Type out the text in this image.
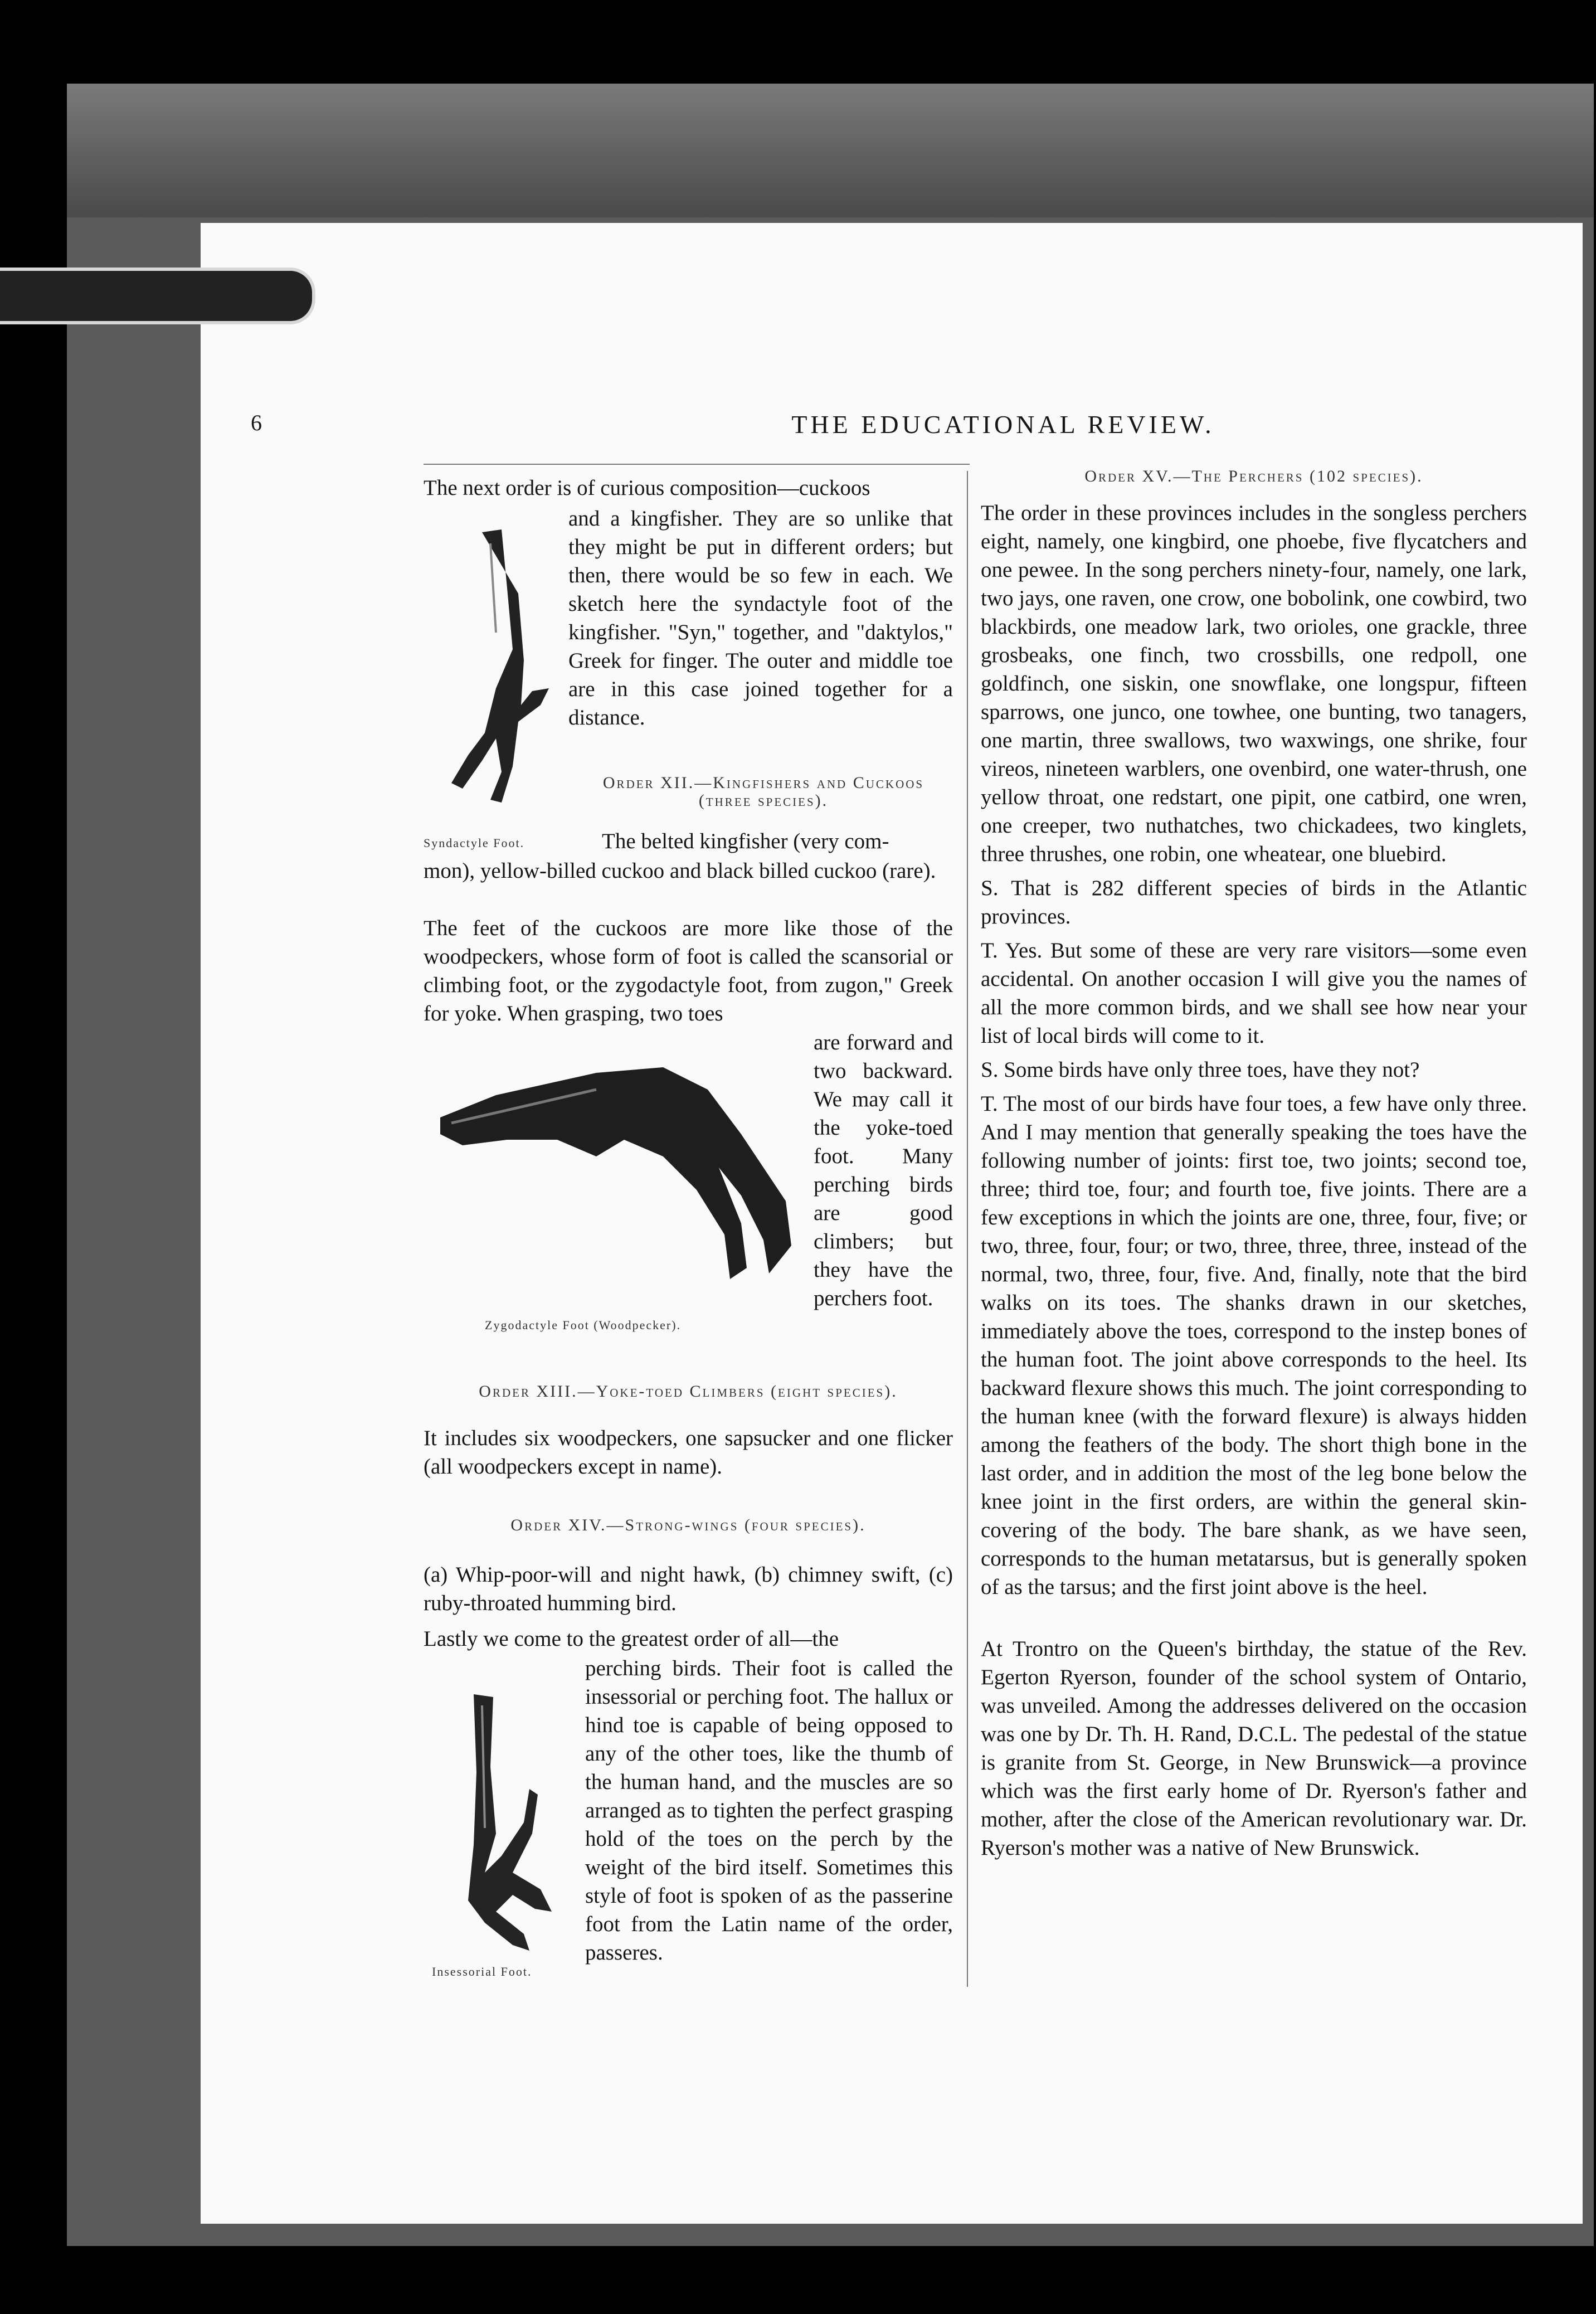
6	THE EDUCATIONAL REVIEW.
The next order is of curious composition—cuckoos
and a kingfisher. They are so unlike that they might be put in different orders; but then, there would be so few in each. We sketch here the syndactyle foot of the kingfisher. "Syn," together, and "daktylos," Greek for finger. The outer and middle toe are in this case joined together for a distance.
Order XII.—Kingfishers and Cuckoos
(three species).
Syndactyle Foot.	The belted kingfisher (very com-
mon), yellow-billed cuckoo and black billed cuckoo (rare).
The feet of the cuckoos are more like those of the woodpeckers, whose form of foot is called the scansorial or climbing foot, or the zygodactyle foot, from zugon," Greek for yoke. When grasping, two toes
are forward and two backward. We may call it the yoke-toed foot. Many perching birds are good climbers; but they have the perchers foot.
Zygodactyle Foot (Woodpecker).
Order XIII.—Yoke-toed Climbers (eight species).
It includes six woodpeckers, one sapsucker and one flicker (all woodpeckers except in name).
Order XIV.—Strong-wings (four species).
(a) Whip-poor-will and night hawk, (b) chimney swift, (c) ruby-throated humming bird.
Lastly we come to the greatest order of all—the
perching birds. Their foot is called the insessorial or perching foot. The hallux or hind toe is capable of being opposed to any of the other toes, like the thumb of the human hand, and the muscles are so arranged as to tighten the perfect grasping hold of the toes on the perch by the weight of the bird itself. Sometimes this style of foot is spoken of as the passerine foot from the Latin name of the order, passeres.
Insessorial Foot.
Order XV.—The Perchers (102 species).

The order in these provinces includes in the songless perchers eight, namely, one kingbird, one phoebe, five flycatchers and one pewee. In the song perchers ninety-four, namely, one lark, two jays, one raven, one crow, one bobolink, one cowbird, two blackbirds, one meadow lark, two orioles, one grackle, three grosbeaks, one finch, two crossbills, one redpoll, one goldfinch, one siskin, one snowflake, one longspur, fifteen sparrows, one junco, one towhee, one bunting, two tanagers, one martin, three swallows, two waxwings, one shrike, four vireos, nineteen warblers, one ovenbird, one water-thrush, one yellow throat, one redstart, one pipit, one catbird, one wren, one creeper, two nuthatches, two chickadees, two kinglets, three thrushes, one robin, one wheatear, one bluebird.

S. That is 282 different species of birds in the Atlantic provinces.

T. Yes. But some of these are very rare visitors—some even accidental. On another occasion I will give you the names of all the more common birds, and we shall see how near your list of local birds will come to it.

S. Some birds have only three toes, have they not?

T. The most of our birds have four toes, a few have only three. And I may mention that generally speaking the toes have the following number of joints: first toe, two joints; second toe, three; third toe, four; and fourth toe, five joints. There are a few exceptions in which the joints are one, three, four, five; or two, three, four, four; or two, three, three, three, instead of the normal, two, three, four, five. And, finally, note that the bird walks on its toes. The shanks drawn in our sketches, immediately above the toes, correspond to the instep bones of the human foot. The joint above corresponds to the heel. Its backward flexure shows this much. The joint corresponding to the human knee (with the forward flexure) is always hidden among the feathers of the body. The short thigh bone in the last order, and in addition the most of the leg bone below the knee joint in the first orders, are within the general skin-covering of the body. The bare shank, as we have seen, corresponds to the human metatarsus, but is generally spoken of as the tarsus; and the first joint above is the heel.

At Trontro on the Queen's birthday, the statue of the Rev. Egerton Ryerson, founder of the school system of Ontario, was unveiled. Among the addresses delivered on the occasion was one by Dr. Th. H. Rand, D.C.L. The pedestal of the statue is granite from St. George, in New Brunswick—a province which was the first early home of Dr. Ryerson's father and mother, after the close of the American revolutionary war. Dr. Ryerson's mother was a native of New Brunswick.
